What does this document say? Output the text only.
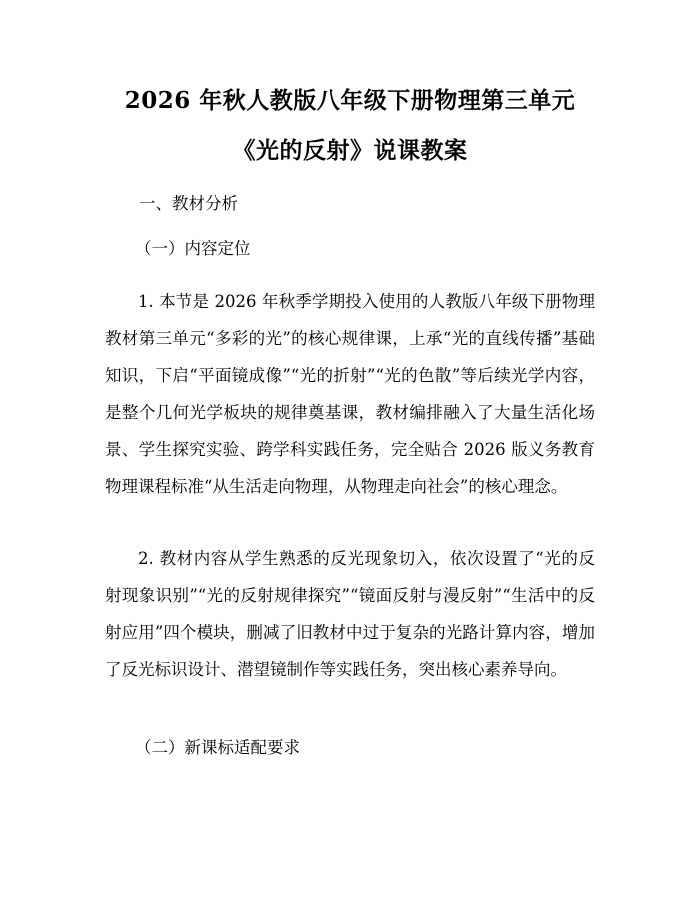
2026 年秋人教版八年级下册物理第三单元
《光的反射》说课教案
一、教材分析
（一）内容定位
1. 本节是 2026 年秋季学期投入使用的人教版八年级下册物理教材第三单元“多彩的光”的核心规律课，上承“光的直线传播”基础知识，下启“平面镜成像”“光的折射”“光的色散”等后续光学内容，是整个几何光学板块的规律奠基课，教材编排融入了大量生活化场景、学生探究实验、跨学科实践任务，完全贴合 2026 版义务教育物理课程标准“从生活走向物理，从物理走向社会”的核心理念。
2. 教材内容从学生熟悉的反光现象切入，依次设置了“光的反射现象识别”“光的反射规律探究”“镜面反射与漫反射”“生活中的反射应用”四个模块，删减了旧教材中过于复杂的光路计算内容，增加了反光标识设计、潜望镜制作等实践任务，突出核心素养导向。
（二）新课标适配要求
